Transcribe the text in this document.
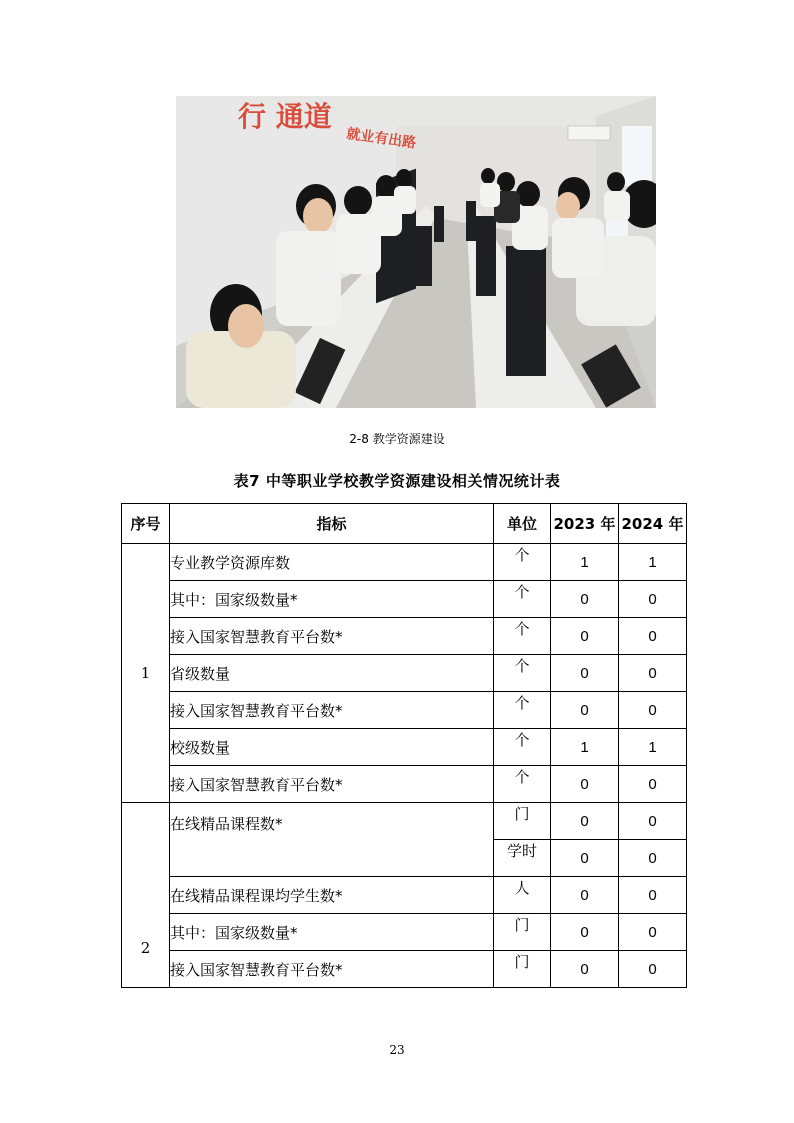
行 通道
就业有出路
2-8 教学资源建设
表7 中等职业学校教学资源建设相关情况统计表
序号	指标	单位	2023 年	2024 年
1	专业教学资源库数	个	1	1
	其中：国家级数量*	个	0	0
	接入国家智慧教育平台数*	个	0	0
	省级数量	个	0	0
	接入国家智慧教育平台数*	个	0	0
	校级数量	个	1	1
	接入国家智慧教育平台数*	个	0	0
2	在线精品课程数*	门	0	0
		学时	0	0
	在线精品课程课均学生数*	人	0	0
	其中：国家级数量*	门	0	0
	接入国家智慧教育平台数*	门	0	0
23
